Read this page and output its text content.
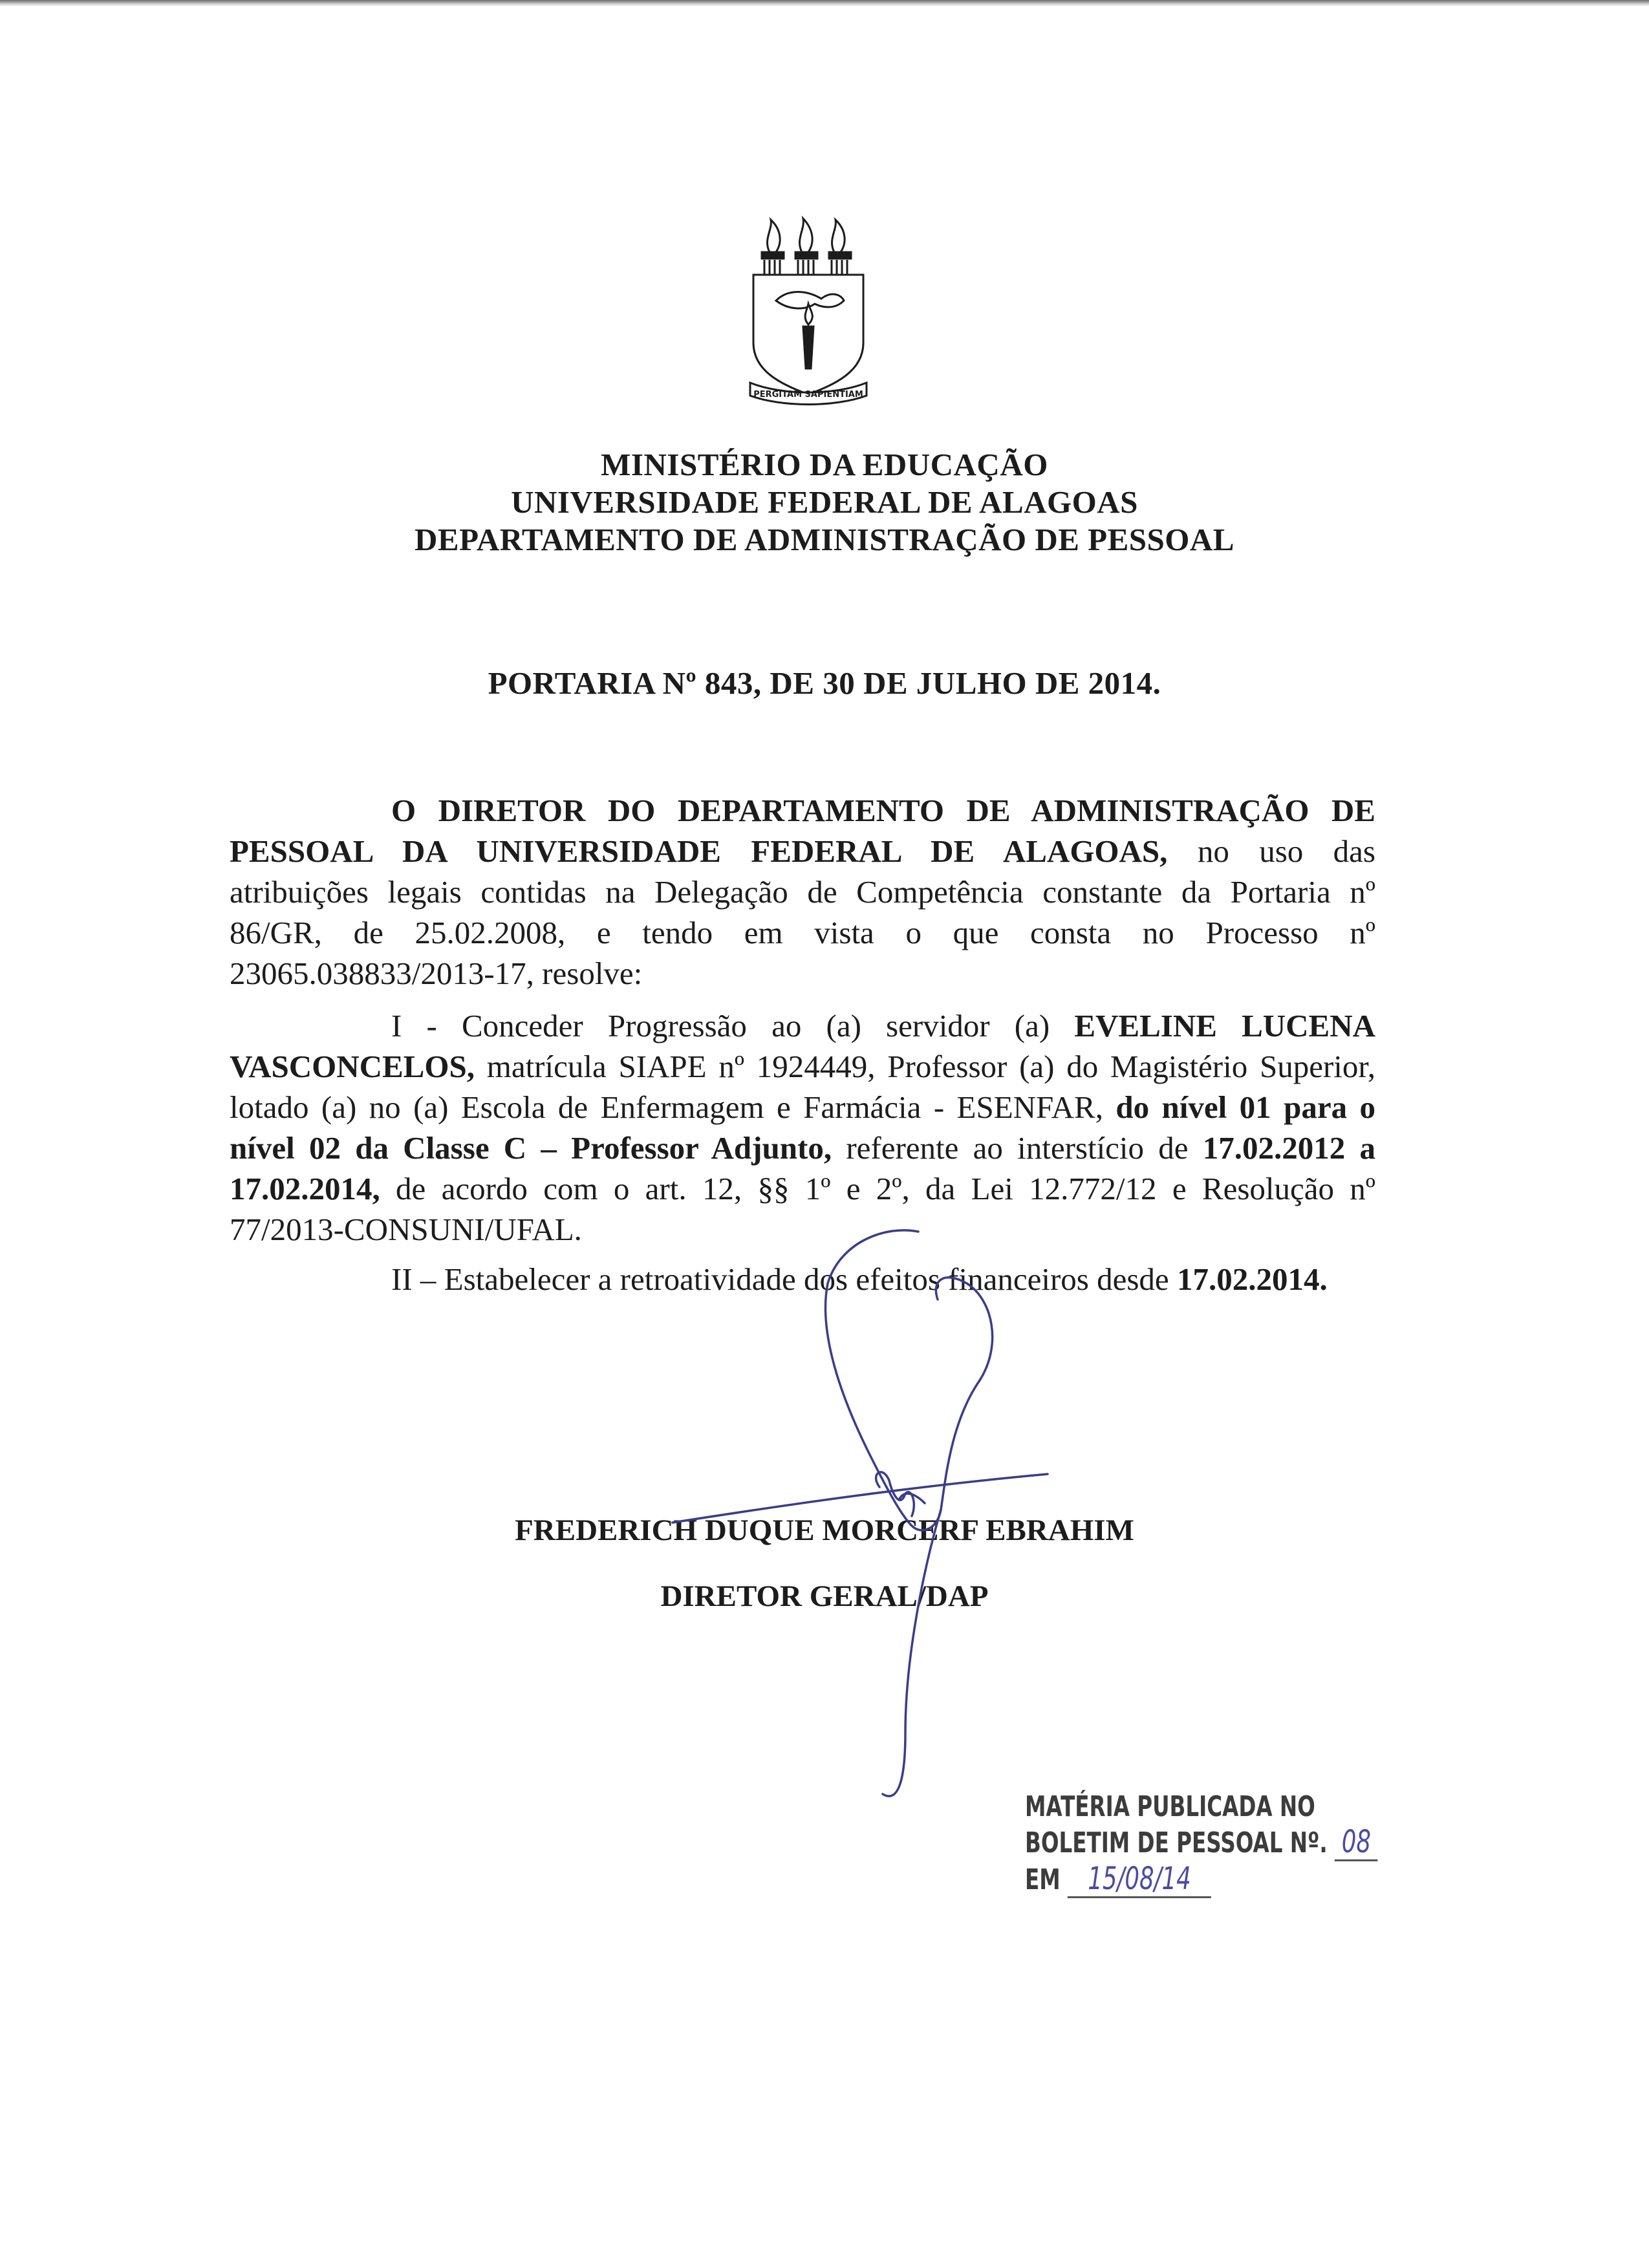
PERGITAM SAPIENTIAM
MINISTÉRIO DA EDUCAÇÃO
UNIVERSIDADE FEDERAL DE ALAGOAS
DEPARTAMENTO DE ADMINISTRAÇÃO DE PESSOAL
PORTARIA Nº 843, DE 30 DE JULHO DE 2014.
O DIRETOR DO DEPARTAMENTO DE ADMINISTRAÇÃO DE
PESSOAL DA UNIVERSIDADE FEDERAL DE ALAGOAS, no uso das
atribuições legais contidas na Delegação de Competência constante da Portaria nº
86/GR, de 25.02.2008, e tendo em vista o que consta no Processo nº
23065.038833/2013-17, resolve:
I - Conceder Progressão ao (a) servidor (a) EVELINE LUCENA
VASCONCELOS, matrícula SIAPE nº 1924449, Professor (a) do Magistério Superior,
lotado (a) no (a) Escola de Enfermagem e Farmácia - ESENFAR, do nível 01 para o
nível 02 da Classe C – Professor Adjunto, referente ao interstício de 17.02.2012 a
17.02.2014, de acordo com o art. 12, §§ 1º e 2º, da Lei 12.772/12 e Resolução nº
77/2013-CONSUNI/UFAL.
II – Estabelecer a retroatividade dos efeitos financeiros desde 17.02.2014.
FREDERICH DUQUE MORCERF EBRAHIM
DIRETOR GERAL/DAP
MATÉRIA PUBLICADA NO
BOLETIM DE PESSOAL Nº. 08
EM 15/08/14
